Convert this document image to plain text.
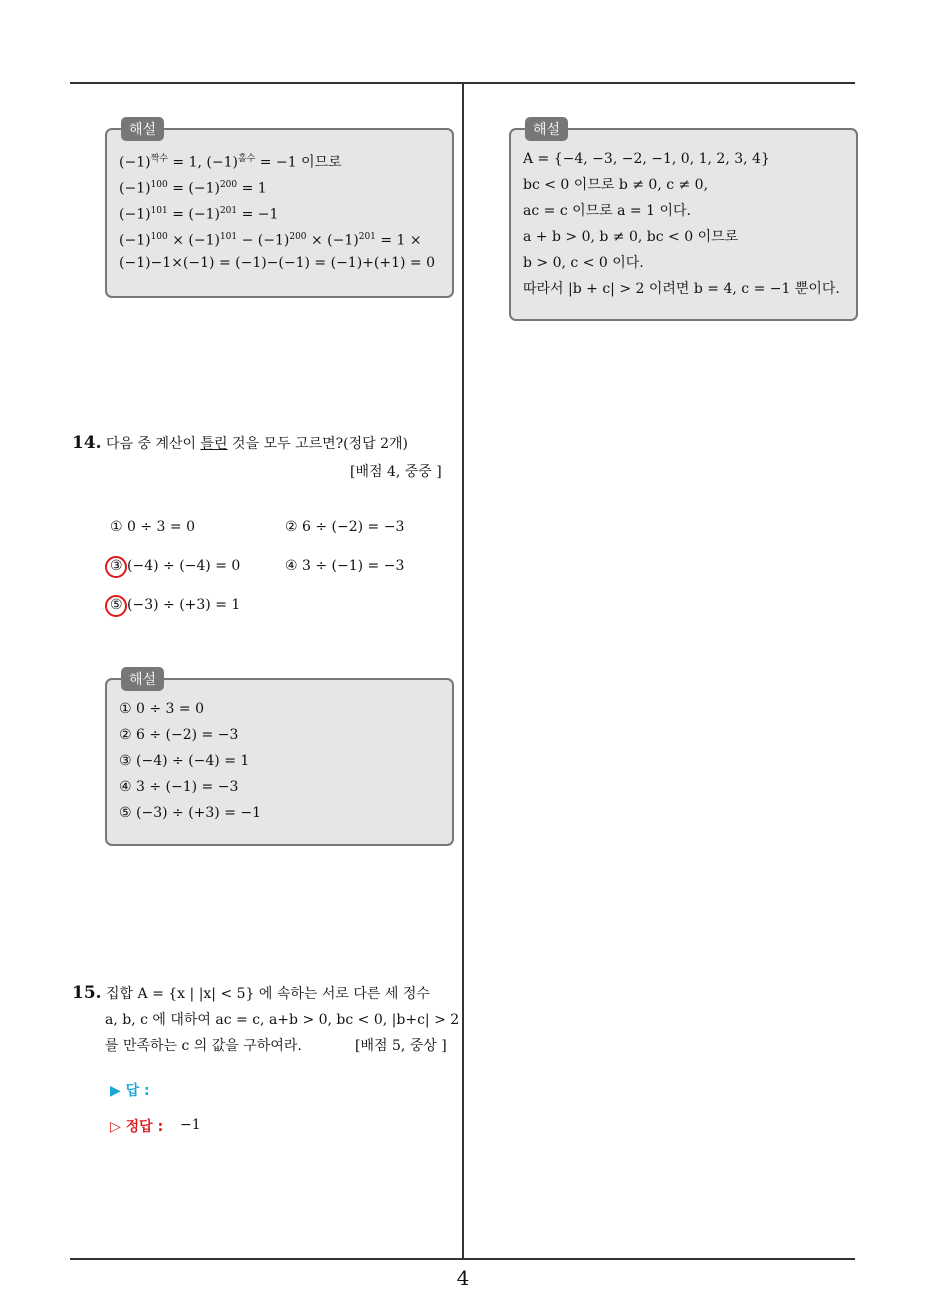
해설
$(-1)^{짝수} = 1$, $(-1)^{홀수} = -1$ 이므로
$(-1)^{100} = (-1)^{200} = 1$
$(-1)^{101} = (-1)^{201} = -1$
$(-1)^{100} \times (-1)^{101} - (-1)^{200} \times (-1)^{201} = 1$ ×
(−1)−1×(−1) = (−1)−(−1) = (−1)+(+1) = 0
해설
A = {−4, −3, −2, −1, 0, 1, 2, 3, 4}
bc < 0 이므로 b ≠ 0, c ≠ 0,
ac = c 이므로 a = 1 이다.
a + b > 0, b ≠ 0, bc < 0 이므로
b > 0, c < 0 이다.
따라서 |b + c| > 2 이려면 b = 4, c = −1 뿐이다.
14. 다음 중 계산이 틀린 것을 모두 고르면?(정답 2개)
[배점 4, 중중 ]
① 0 ÷ 3 = 0	② 6 ÷ (−2) = −3
③ (−4) ÷ (−4) = 0	④ 3 ÷ (−1) = −3
⑤ (−3) ÷ (+3) = 1
해설
① 0 ÷ 3 = 0
② 6 ÷ (−2) = −3
③ (−4) ÷ (−4) = 1
④ 3 ÷ (−1) = −3
⑤ (−3) ÷ (+3) = −1
15. 집합 A = {x | |x| < 5} 에 속하는 서로 다른 세 정수
a, b, c 에 대하여 ac = c, a+b > 0, bc < 0, |b+c| > 2
를 만족하는 c 의 값을 구하여라.	[배점 5, 중상 ]
▶ 답 :
▷ 정답 : −1
4
